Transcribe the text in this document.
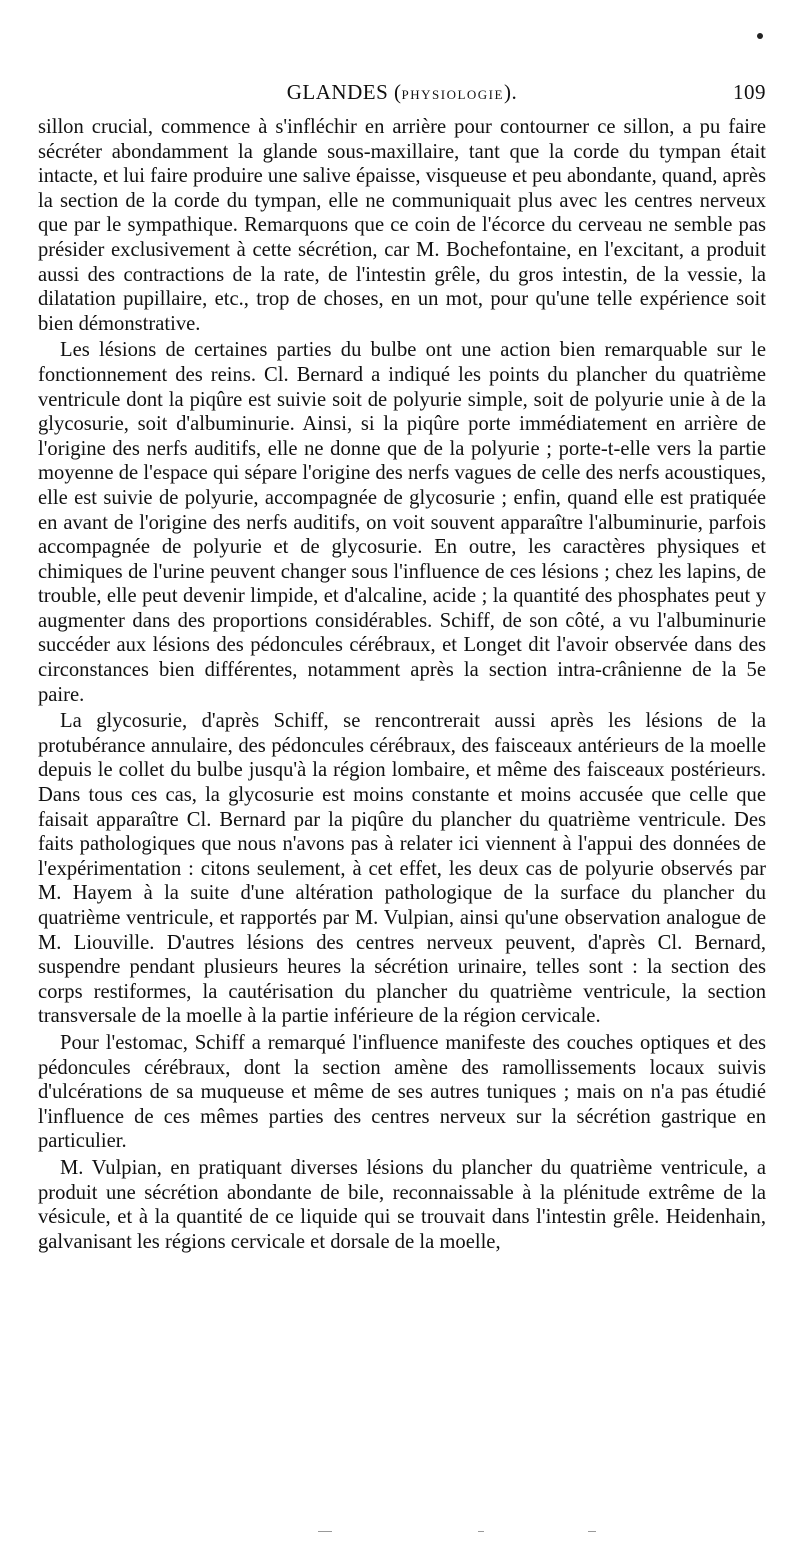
GLANDES (PHYSIOLOGIE).	109

sillon crucial, commence à s'infléchir en arrière pour contourner ce sillon, a pu faire sécréter abondamment la glande sous-maxillaire, tant que la corde du tympan était intacte, et lui faire produire une salive épaisse, visqueuse et peu abondante, quand, après la section de la corde du tympan, elle ne communiquait plus avec les centres nerveux que par le sympathique. Remarquons que ce coin de l'écorce du cerveau ne semble pas présider exclusivement à cette sécrétion, car M. Bochefontaine, en l'excitant, a produit aussi des contractions de la rate, de l'intestin grêle, du gros intestin, de la vessie, la dilatation pupillaire, etc., trop de choses, en un mot, pour qu'une telle expérience soit bien démonstrative.

Les lésions de certaines parties du bulbe ont une action bien remarquable sur le fonctionnement des reins. Cl. Bernard a indiqué les points du plancher du quatrième ventricule dont la piqûre est suivie soit de polyurie simple, soit de polyurie unie à de la glycosurie, soit d'albuminurie. Ainsi, si la piqûre porte immédiatement en arrière de l'origine des nerfs auditifs, elle ne donne que de la polyurie ; porte-t-elle vers la partie moyenne de l'espace qui sépare l'origine des nerfs vagues de celle des nerfs acoustiques, elle est suivie de polyurie, accompagnée de glycosurie ; enfin, quand elle est pratiquée en avant de l'origine des nerfs auditifs, on voit souvent apparaître l'albuminurie, parfois accompagnée de polyurie et de glycosurie. En outre, les caractères physiques et chimiques de l'urine peuvent changer sous l'influence de ces lésions ; chez les lapins, de trouble, elle peut devenir limpide, et d'alcaline, acide ; la quantité des phosphates peut y augmenter dans des proportions considérables. Schiff, de son côté, a vu l'albuminurie succéder aux lésions des pédoncules cérébraux, et Longet dit l'avoir observée dans des circonstances bien différentes, notamment après la section intra-crânienne de la 5e paire.

La glycosurie, d'après Schiff, se rencontrerait aussi après les lésions de la protubérance annulaire, des pédoncules cérébraux, des faisceaux antérieurs de la moelle depuis le collet du bulbe jusqu'à la région lombaire, et même des faisceaux postérieurs. Dans tous ces cas, la glycosurie est moins constante et moins accusée que celle que faisait apparaître Cl. Bernard par la piqûre du plancher du quatrième ventricule. Des faits pathologiques que nous n'avons pas à relater ici viennent à l'appui des données de l'expérimentation : citons seulement, à cet effet, les deux cas de polyurie observés par M. Hayem à la suite d'une altération pathologique de la surface du plancher du quatrième ventricule, et rapportés par M. Vulpian, ainsi qu'une observation analogue de M. Liouville. D'autres lésions des centres nerveux peuvent, d'après Cl. Bernard, suspendre pendant plusieurs heures la sécrétion urinaire, telles sont : la section des corps restiformes, la cautérisation du plancher du quatrième ventricule, la section transversale de la moelle à la partie inférieure de la région cervicale.

Pour l'estomac, Schiff a remarqué l'influence manifeste des couches optiques et des pédoncules cérébraux, dont la section amène des ramollissements locaux suivis d'ulcérations de sa muqueuse et même de ses autres tuniques ; mais on n'a pas étudié l'influence de ces mêmes parties des centres nerveux sur la sécrétion gastrique en particulier.

M. Vulpian, en pratiquant diverses lésions du plancher du quatrième ventricule, a produit une sécrétion abondante de bile, reconnaissable à la plénitude extrême de la vésicule, et à la quantité de ce liquide qui se trouvait dans l'intestin grêle. Heidenhain, galvanisant les régions cervicale et dorsale de la moelle,
